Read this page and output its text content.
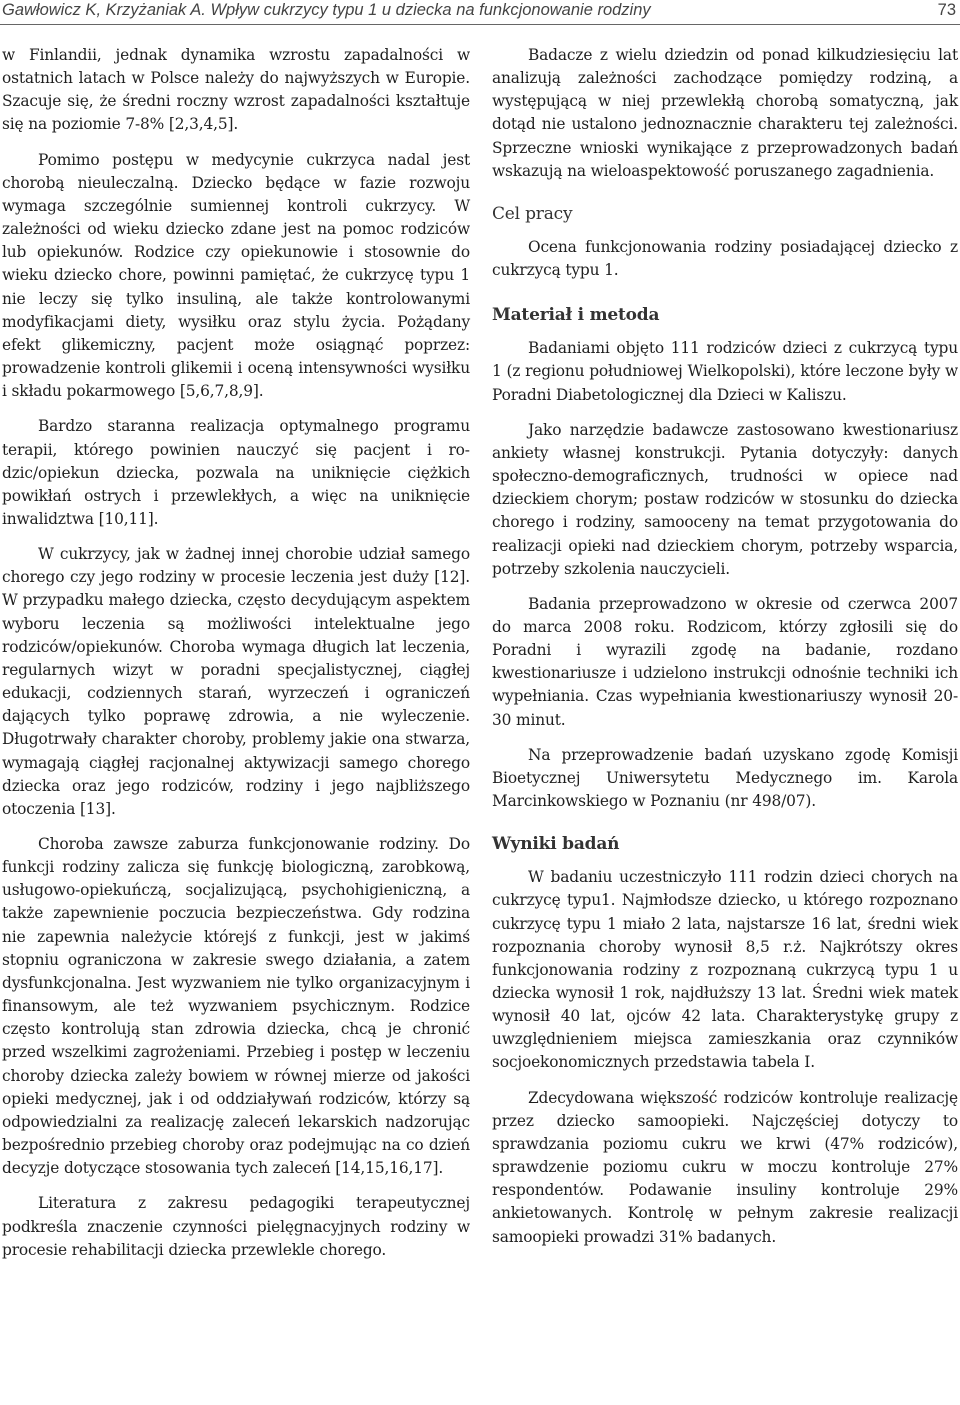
Gawłowicz K, Krzyżaniak A. Wpływ cukrzycy typu 1 u dziecka na funkcjonowanie rodziny	73

w Finlandii, jednak dynamika wzrostu zapadalności w ostatnich latach w Polsce należy do najwyższych w Europie. Szacuje się, że średni roczny wzrost zapadalności kształtuje się na poziomie 7-8% [2,3,4,5].

Pomimo postępu w medycynie cukrzyca nadal jest chorobą nieuleczalną. Dziecko będące w fazie rozwoju wymaga szczególnie sumiennej kontroli cukrzycy. W zależności od wieku dziecko zdane jest na pomoc rodziców lub opiekunów. Rodzice czy opiekunowie i stosownie do wieku dziecko chore, powinni pamiętać, że cukrzycę typu 1 nie leczy się tylko insuliną, ale także kontrolowanymi modyfikacjami diety, wysiłku oraz stylu życia. Pożądany efekt glikemiczny, pacjent może osiągnąć poprzez: prowadzenie kontroli glikemii i oceną intensywności wysiłku i składu pokarmowego [5,6,7,8,9].

Bardzo staranna realizacja optymalnego programu terapii, którego powinien nauczyć się pacjent i rodzic/opiekun dziecka, pozwala na uniknięcie ciężkich powikłań ostrych i przewlekłych, a więc na uniknięcie inwalidztwa [10,11].

W cukrzycy, jak w żadnej innej chorobie udział samego chorego czy jego rodziny w procesie leczenia jest duży [12]. W przypadku małego dziecka, często decydującym aspektem wyboru leczenia są możliwości intelektualne jego rodziców/opiekunów. Choroba wymaga długich lat leczenia, regularnych wizyt w poradni specjalistycznej, ciągłej edukacji, codziennych starań, wyrzeczeń i ograniczeń dających tylko poprawę zdrowia, a nie wyleczenie. Długotrwały charakter choroby, problemy jakie ona stwarza, wymagają ciągłej racjonalnej aktywizacji samego chorego dziecka oraz jego rodziców, rodziny i jego najbliższego otoczenia [13].

Choroba zawsze zaburza funkcjonowanie rodziny. Do funkcji rodziny zalicza się funkcję biologiczną, zarobkową, usługowo-opiekuńczą, socjalizującą, psychohigieniczną, a także zapewnienie poczucia bezpieczeństwa. Gdy rodzina nie zapewnia należycie którejś z funkcji, jest w jakimś stopniu ograniczona w zakresie swego działania, a zatem dysfunkcjonalna. Jest wyzwaniem nie tylko organizacyjnym i finansowym, ale też wyzwaniem psychicznym. Rodzice często kontrolują stan zdrowia dziecka, chcą je chronić przed wszelkimi zagrożeniami. Przebieg i postęp w leczeniu choroby dziecka zależy bowiem w równej mierze od jakości opieki medycznej, jak i od oddziaływań rodziców, którzy są odpowiedzialni za realizację zaleceń lekarskich nadzorując bezpośrednio przebieg choroby oraz podejmując na co dzień decyzje dotyczące stosowania tych zaleceń [14,15,16,17].

Literatura z zakresu pedagogiki terapeutycznej podkreśla znaczenie czynności pielęgnacyjnych rodziny w procesie rehabilitacji dziecka przewlekle chorego.

Badacze z wielu dziedzin od ponad kilkudziesięciu lat analizują zależności zachodzące pomiędzy rodziną, a występującą w niej przewlekłą chorobą somatyczną, jak dotąd nie ustalono jednoznacznie charakteru tej zależności. Sprzeczne wnioski wynikające z przeprowadzonych badań wskazują na wieloaspektowość poruszanego zagadnienia.

Cel pracy

Ocena funkcjonowania rodziny posiadającej dziecko z cukrzycą typu 1.

Materiał i metoda

Badaniami objęto 111 rodziców dzieci z cukrzycą typu 1 (z regionu południowej Wielkopolski), które leczone były w Poradni Diabetologicznej dla Dzieci w Kaliszu.

Jako narzędzie badawcze zastosowano kwestionariusz ankiety własnej konstrukcji. Pytania dotyczyły: danych społeczno-demograficznych, trudności w opiece nad dzieckiem chorym; postaw rodziców w stosunku do dziecka chorego i rodziny, samooceny na temat przygotowania do realizacji opieki nad dzieckiem chorym, potrzeby wsparcia, potrzeby szkolenia nauczycieli.

Badania przeprowadzono w okresie od czerwca 2007 do marca 2008 roku. Rodzicom, którzy zgłosili się do Poradni i wyrazili zgodę na badanie, rozdano kwestionariusze i udzielono instrukcji odnośnie techniki ich wypełniania. Czas wypełniania kwestionariuszy wynosił 20-30 minut.

Na przeprowadzenie badań uzyskano zgodę Komisji Bioetycznej Uniwersytetu Medycznego im. Karola Marcinkowskiego w Poznaniu (nr 498/07).

Wyniki badań

W badaniu uczestniczyło 111 rodzin dzieci chorych na cukrzycę typu1. Najmłodsze dziecko, u którego rozpoznano cukrzycę typu 1 miało 2 lata, najstarsze 16 lat, średni wiek rozpoznania choroby wynosił 8,5 r.ż. Najkrótszy okres funkcjonowania rodziny z rozpoznaną cukrzycą typu 1 u dziecka wynosił 1 rok, najdłuższy 13 lat. Średni wiek matek wynosił 40 lat, ojców 42 lata. Charakterystykę grupy z uwzględnieniem miejsca zamieszkania oraz czynników socjoekonomicznych przedstawia tabela I.

Zdecydowana większość rodziców kontroluje realizację przez dziecko samoopieki. Najczęściej dotyczy to sprawdzania poziomu cukru we krwi (47% rodziców), sprawdzenie poziomu cukru w moczu kontroluje 27% respondentów. Podawanie insuliny kontroluje 29% ankietowanych. Kontrolę w pełnym zakresie realizacji samoopieki prowadzi 31% badanych.
